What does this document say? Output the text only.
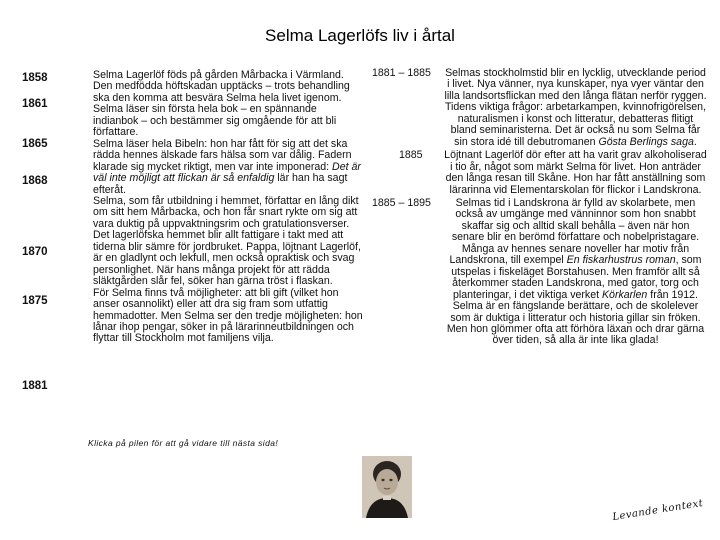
Selma Lagerlöfs liv i årtal
1858
1861
1865
1868
1870
1875
1881

Selma Lagerlöf föds på gården Mårbacka i Värmland.

Den medfödda höftskadan upptäcks – trots behandling ska den komma att besvära Selma hela livet igenom.

Selma läser sin första hela bok – en spännande indianbok – och bestämmer sig omgående för att bli författare.

Selma läser hela Bibeln: hon har fått för sig att det ska rädda hennes älskade fars hälsa som var dålig. Fadern klarade sig mycket riktigt, men var inte imponerad: Det är väl inte möjligt att flickan är så enfaldig lär han ha sagt efteråt.

Selma, som får utbildning i hemmet, författar en lång dikt om sitt hem Mårbacka, och hon får snart rykte om sig att vara duktig på uppvaktningsrim och gratulationsverser.

Det lagerlöfska hemmet blir allt fattigare i takt med att tiderna blir sämre för jordbruket. Pappa, löjtnant Lagerlöf, är en gladlynt och lekfull, men också opraktisk och svag personlighet. När hans många projekt för att rädda släktgården slår fel, söker han gärna tröst i flaskan.

För Selma finns två möjligheter: att bli gift (vilket hon anser osannolikt) eller att dra sig fram som utfattig hemmadotter. Men Selma ser den tredje möjligheten: hon lånar ihop pengar, söker in på lärarinneutbildningen och flyttar till Stockholm mot familjens vilja.

1881 – 1885 Selmas stockholmstid blir en lycklig, utvecklande period i livet. Nya vänner, nya kunskaper, nya vyer väntar den lilla landsortsflickan med den långa flätan nerför ryggen. Tidens viktiga frågor: arbetarkampen, kvinnofrigörelsen, naturalismen i konst och litteratur, debatteras flitigt bland seminaristerna. Det är också nu som Selma får sin stora idé till debutromanen Gösta Berlings saga.
1885 Löjtnant Lagerlöf dör efter att ha varit grav alkoholiserad i tio år, något som märkt Selma för livet. Hon anträder den långa resan till Skåne. Hon har fått anställning som lärarinna vid Elementarskolan för flickor i Landskrona.
1885 – 1895	Selmas tid i Landskrona är fylld av skolarbete, men också av umgänge med vänninnor som hon snabbt skaffar sig och alltid skall behålla – även när hon senare blir en berömd författare och nobelpristagare. Många av hennes senare noveller har motiv från Landskrona, till exempel En fiskarhustrus roman, som utspelas i fiskeläget Borstahusen. Men framför allt så återkommer staden Landskrona, med gator, torg och planteringar, i det viktiga verket Körkarlen från 1912.

Selma är en fängslande berättare, och de skolelever som är duktiga i litteratur och historia gillar sin fröken. Men hon glömmer ofta att förhöra läxan och drar gärna över tiden, så alla är inte lika glada!

Klicka på pilen för att gå vidare till nästa sida!
Levande kontext
